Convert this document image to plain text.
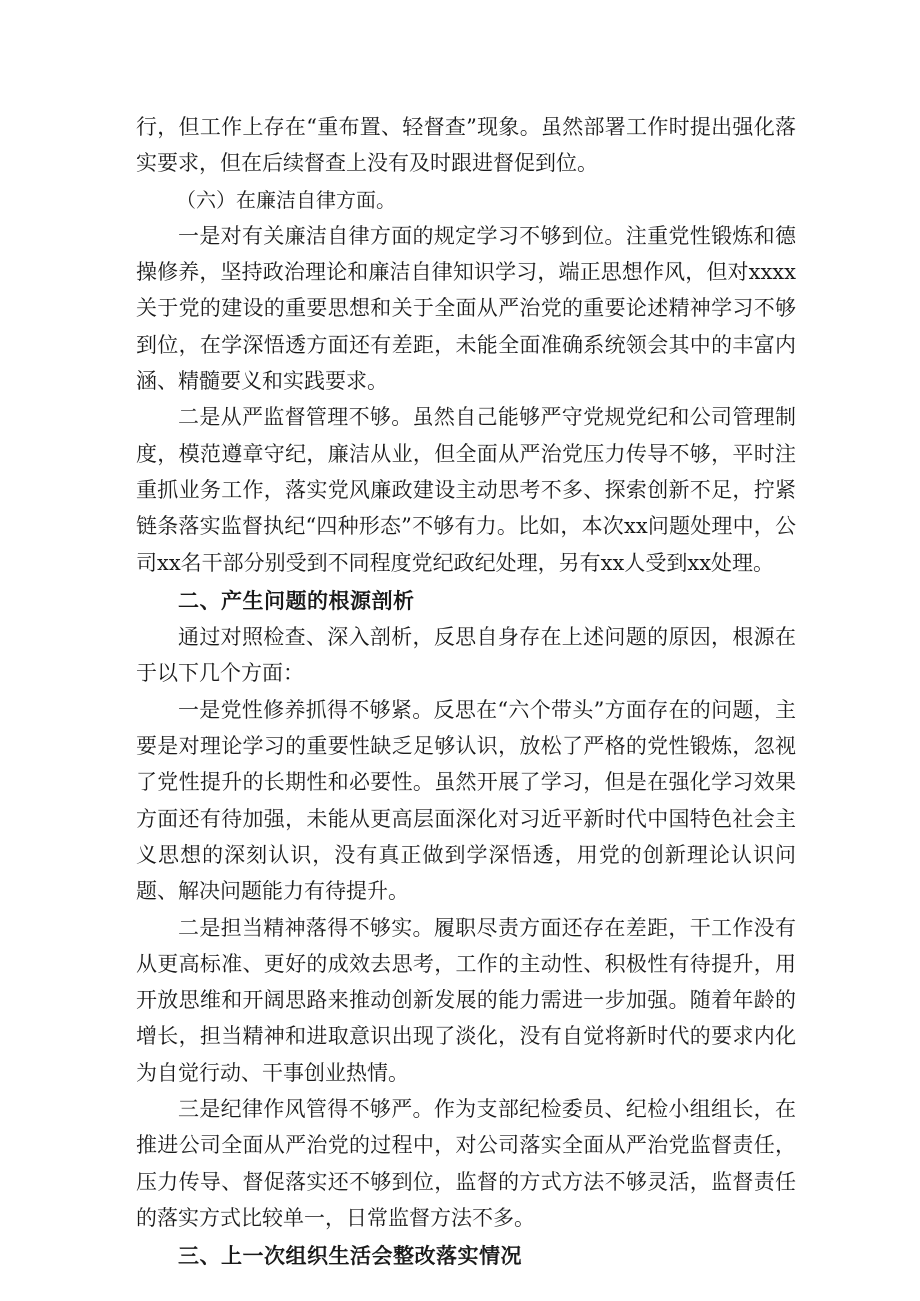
行，但工作上存在“重布置、轻督查”现象。虽然部署工作时提出强化落实要求，但在后续督查上没有及时跟进督促到位。

（六）在廉洁自律方面。

一是对有关廉洁自律方面的规定学习不够到位。注重党性锻炼和德操修养，坚持政治理论和廉洁自律知识学习，端正思想作风，但对xxxx关于党的建设的重要思想和关于全面从严治党的重要论述精神学习不够到位，在学深悟透方面还有差距，未能全面准确系统领会其中的丰富内涵、精髓要义和实践要求。

二是从严监督管理不够。虽然自己能够严守党规党纪和公司管理制度，模范遵章守纪，廉洁从业，但全面从严治党压力传导不够，平时注重抓业务工作，落实党风廉政建设主动思考不多、探索创新不足，拧紧链条落实监督执纪“四种形态”不够有力。比如，本次xx问题处理中，公司xx名干部分别受到不同程度党纪政纪处理，另有xx人受到xx处理。

二、产生问题的根源剖析

通过对照检查、深入剖析，反思自身存在上述问题的原因，根源在于以下几个方面：

一是党性修养抓得不够紧。反思在“六个带头”方面存在的问题，主要是对理论学习的重要性缺乏足够认识，放松了严格的党性锻炼，忽视了党性提升的长期性和必要性。虽然开展了学习，但是在强化学习效果方面还有待加强，未能从更高层面深化对习近平新时代中国特色社会主义思想的深刻认识，没有真正做到学深悟透，用党的创新理论认识问题、解决问题能力有待提升。

二是担当精神落得不够实。履职尽责方面还存在差距，干工作没有从更高标准、更好的成效去思考，工作的主动性、积极性有待提升，用开放思维和开阔思路来推动创新发展的能力需进一步加强。随着年龄的增长，担当精神和进取意识出现了淡化，没有自觉将新时代的要求内化为自觉行动、干事创业热情。

三是纪律作风管得不够严。作为支部纪检委员、纪检小组组长，在推进公司全面从严治党的过程中，对公司落实全面从严治党监督责任，压力传导、督促落实还不够到位，监督的方式方法不够灵活，监督责任的落实方式比较单一，日常监督方法不多。

三、上一次组织生活会整改落实情况
